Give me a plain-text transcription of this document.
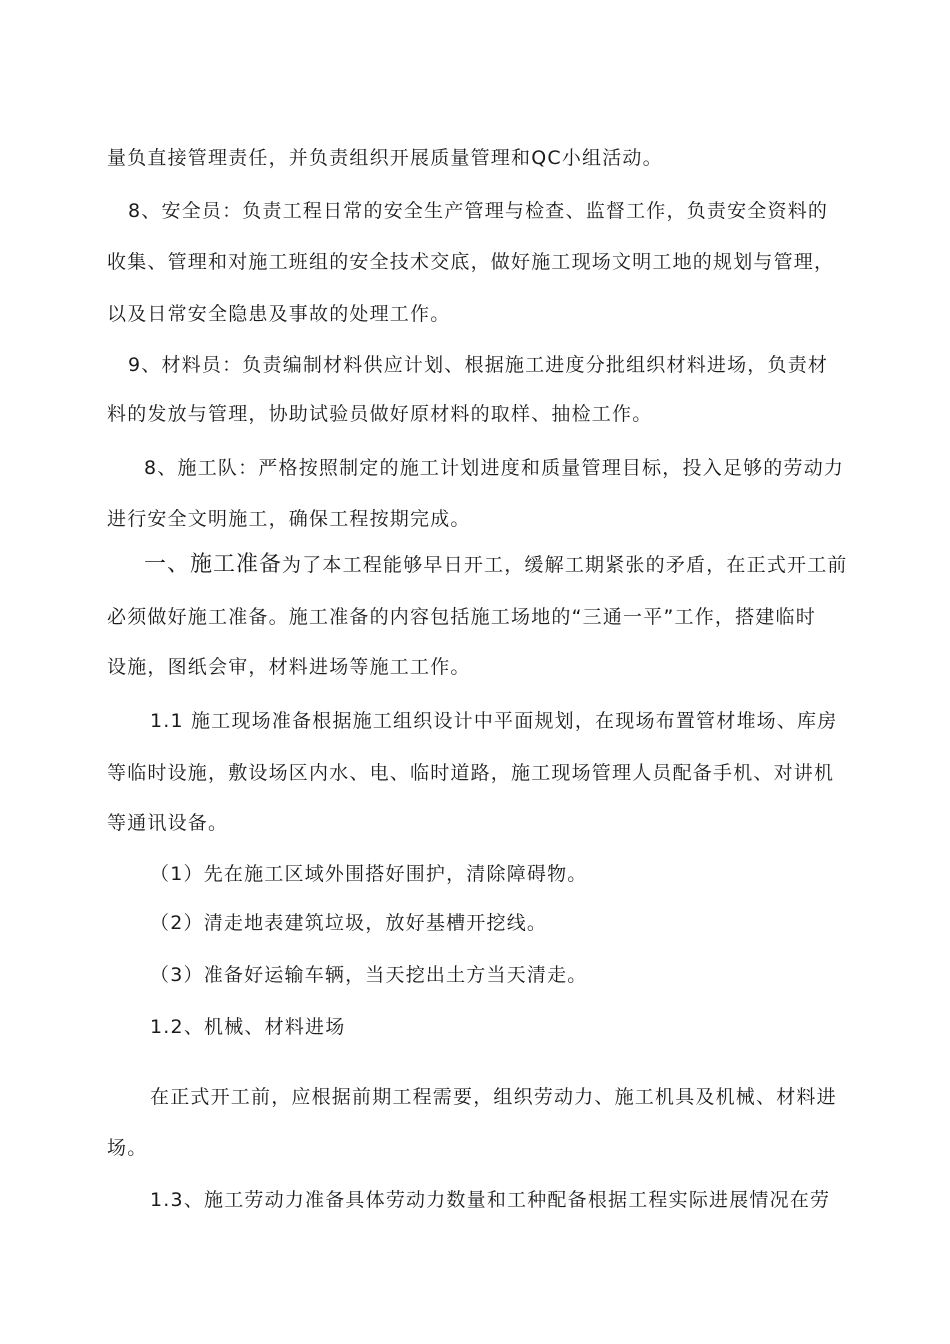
量负直接管理责任，并负责组织开展质量管理和QC小组活动。
8、安全员：负责工程日常的安全生产管理与检查、监督工作，负责安全资料的
收集、管理和对施工班组的安全技术交底，做好施工现场文明工地的规划与管理，
以及日常安全隐患及事故的处理工作。
9、材料员：负责编制材料供应计划、根据施工进度分批组织材料进场，负责材
料的发放与管理，协助试验员做好原材料的取样、抽检工作。
8、施工队：严格按照制定的施工计划进度和质量管理目标，投入足够的劳动力
进行安全文明施工，确保工程按期完成。
一、施工准备为了本工程能够早日开工，缓解工期紧张的矛盾，在正式开工前
必须做好施工准备。施工准备的内容包括施工场地的“三通一平”工作，搭建临时
设施，图纸会审，材料进场等施工工作。
1.1 施工现场准备根据施工组织设计中平面规划，在现场布置管材堆场、库房
等临时设施，敷设场区内水、电、临时道路，施工现场管理人员配备手机、对讲机
等通讯设备。
（1）先在施工区域外围搭好围护，清除障碍物。
（2）清走地表建筑垃圾，放好基槽开挖线。
（3）准备好运输车辆，当天挖出土方当天清走。
1.2、机械、材料进场
在正式开工前，应根据前期工程需要，组织劳动力、施工机具及机械、材料进
场。
1.3、施工劳动力准备具体劳动力数量和工种配备根据工程实际进展情况在劳
